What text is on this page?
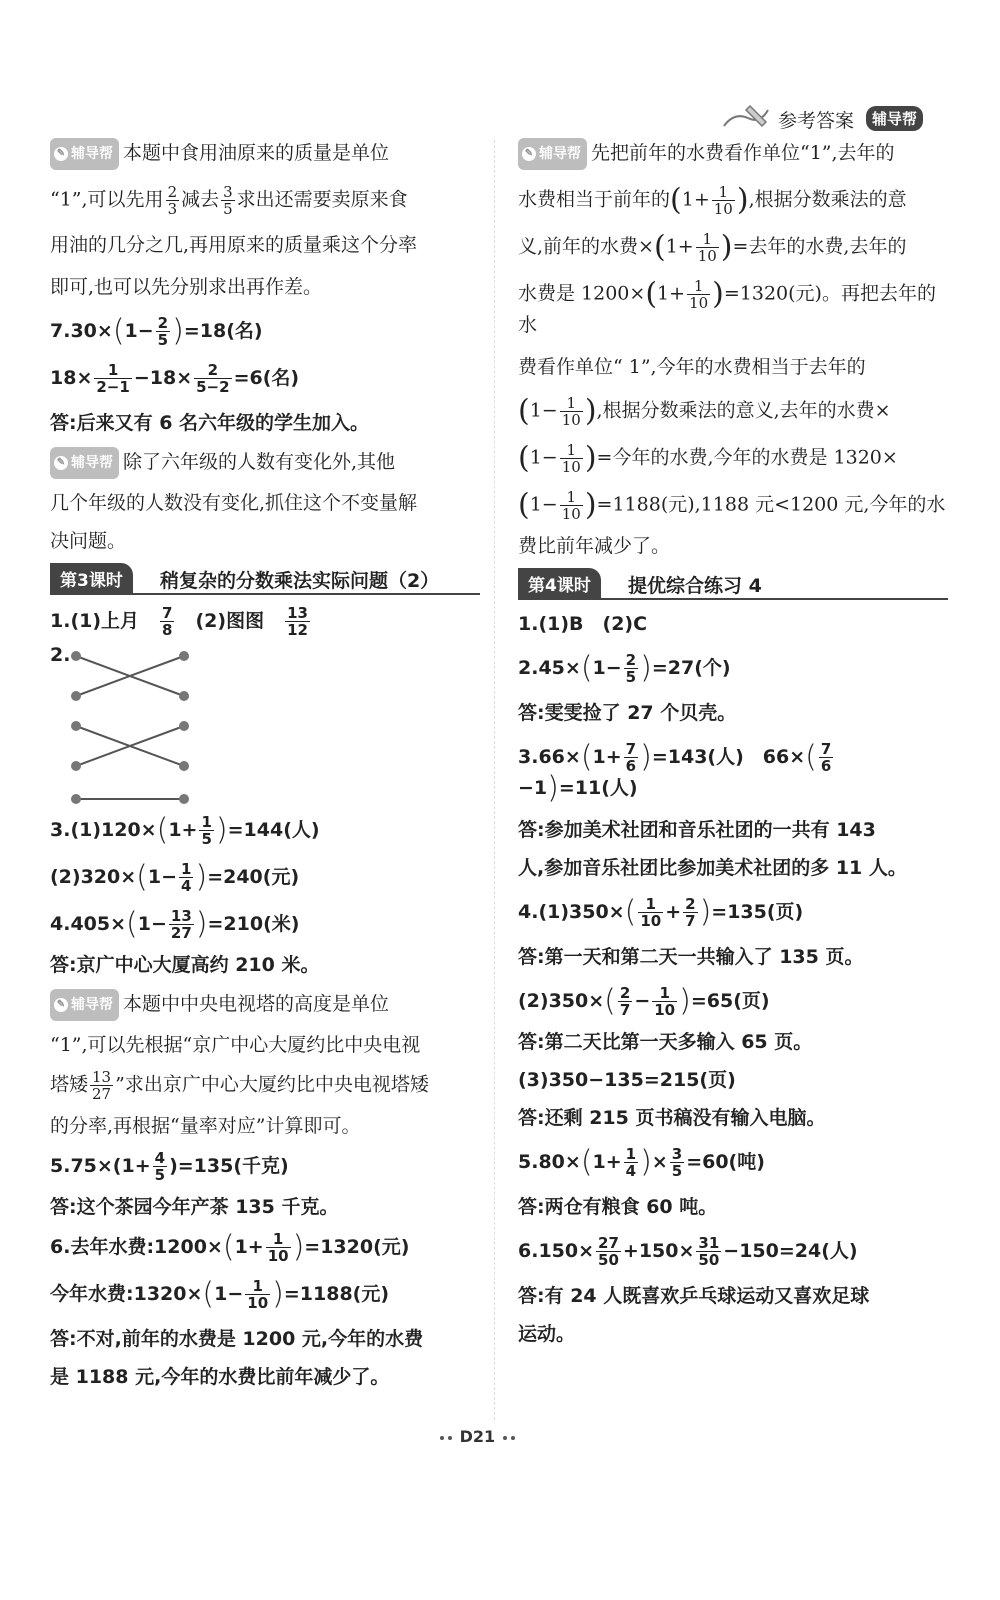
参考答案	辅导帮

✎ 辅导帮 本题中食用油原来的质量是单位

“1”,可以先用 $\frac{2}{3}$ 减去 $\frac{3}{5}$ 求出还需要卖原来食

用油的几分之几,再用原来的质量乘这个分率

即可,也可以先分别求出再作差。

$7.30\times(1- \frac{2}{5} )=18$(名)

$18\times \frac{1}{2-1} -18\times \frac{2}{5-2} =6$(名)

答:后来又有 6 名六年级的学生加入。

✎ 辅导帮 除了六年级的人数有变化外,其他

几个年级的人数没有变化,抓住这个不变量解

决问题。

第3课时	稍复杂的分数乘法实际问题（2）

1.(1)上月　 $\frac{7}{8}$
　 (2)图图　 $\frac{13}{12}$

2.

$3.(1)120\times(1+ \frac{1}{5} )=144$(人)

$(2)320\times(1- \frac{1}{4} )=240$(元)

$4.405\times(1- \frac{13}{27} )=210$(米)

答:京广中心大厦高约 210 米。

✎ 辅导帮 本题中中央电视塔的高度是单位

“1”,可以先根据“京广中心大厦约比中央电视

塔矮 $\frac{13}{27}$ ”求出京广中心大厦约比中央电视塔矮

的分率,再根据“量率对应”计算即可。

$5.75\times(1+ \frac{4}{5} )=135$(千克)

答:这个茶园今年产茶 135 千克。

6.去年水费:1200×(1+ $\frac{1}{10} )=1320$(元)

今年水费:1320×(1− $\frac{1}{10} )=1188$(元)

答:不对,前年的水费是 1200 元,今年的水费

是 1188 元,今年的水费比前年减少了。

✎ 辅导帮 先把前年的水费看作单位“1”,去年的

水费相当于前年的($1+ \frac{1}{10}$ ),根据分数乘法的意

义,前年的水费$\times(1+ \frac{1}{10}$ )=去年的水费,去年的

水费是 $1200\times(1+ \frac{1}{10} )=1320$(元)。再把去年的水

费看作单位“ 1”,今年的水费相当于去年的

($1- \frac{1}{10}$ ),根据分数乘法的意义,去年的水费×

($1- \frac{1}{10}$ )=今年的水费,今年的水费是 1320×

$(1- \frac{1}{10} )=1188$(元),1188 元<1200 元,今年的水

费比前年减少了。

第4课时	提优综合练习 4

1.(1)B　(2)C

$2.45\times(1- \frac{2}{5} )=27$(个)

答:雯雯捡了 27 个贝壳。

$3.66\times(1+ \frac{7}{6} )=143$(人)　$66\times( \frac{7}{6}$
−1)=11(人)

答:参加美术社团和音乐社团的一共有 143

人,参加音乐社团比参加美术社团的多 11 人。

$4.(1)350\times( \frac{1}{10} + \frac{2}{7} )=135$(页)

答:第一天和第二天一共输入了 135 页。

$(2)350\times( \frac{2}{7} - \frac{1}{10} )=65$(页)

答:第二天比第一天多输入 65 页。

(3)350−135=215(页)

答:还剩 215 页书稿没有输入电脑。

$5.80\times(1+ \frac{1}{4}$ )× $\frac{3}{5} =60$(吨)

答:两仓有粮食 60 吨。

$6.150\times \frac{27}{50} +150\times \frac{31}{50} -150=24$(人)

答:有 24 人既喜欢乒乓球运动又喜欢足球

运动。

D21
